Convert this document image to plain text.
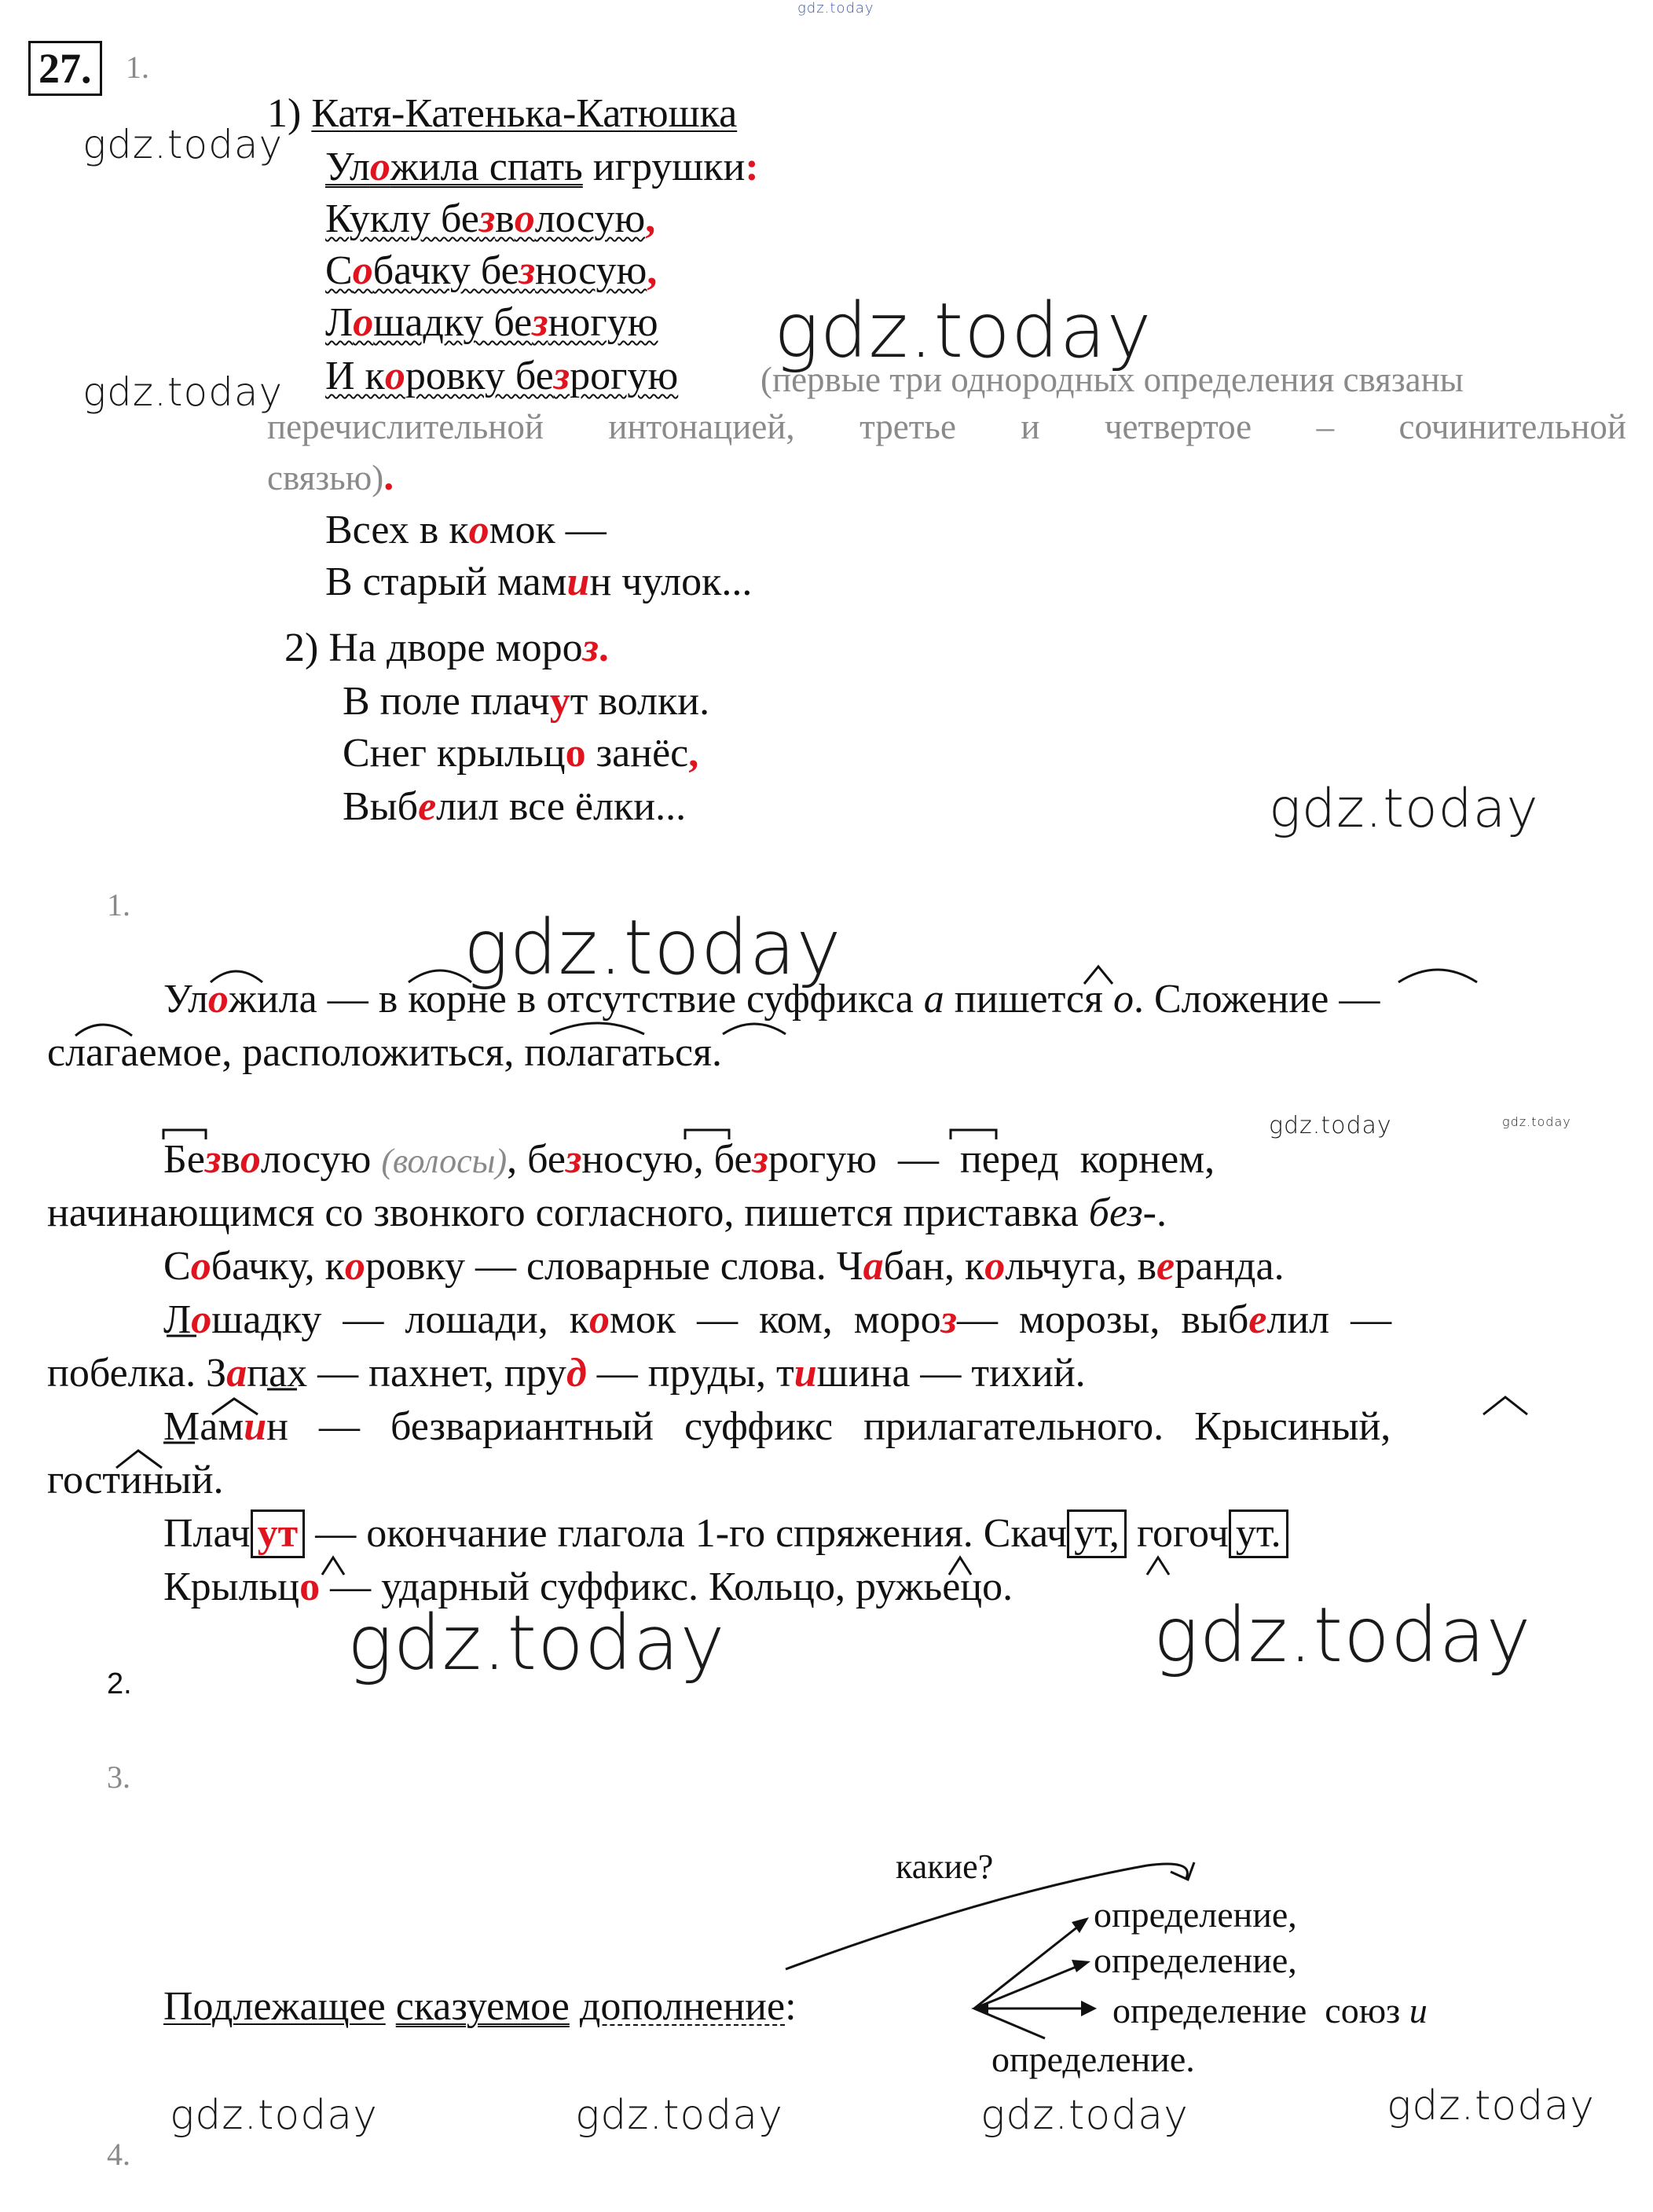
gdz.today
27.	1.
gdz.today
gdz.today
gdz.today
gdz.today
gdz.today
gdz.today	gdz.today
gdz.today	gdz.today
gdz.today	gdz.today	gdz.today	gdz.today
1) Катя-Катенька-Катюшка
Уложила спать игрушки:
Куклу безволосую,
Собачку безносую,
Лошадку безногую
И коровку безрогую (первые три однородных определения связаны
перечислительной интонацией, третье и четвертое – сочинительной
связью).
Всех в комок —
В старый мамин чулок...
2) На дворе мороз.
В поле плачут волки.
Снег крыльцо занёс,
Выбелил все ёлки...
1.
Уложила — в корне в отсутствие суффикса а пишется о. Сложение —
слагаемое, расположиться, полагаться.
Безволосую (волосы), безносую, безрогую — перед корнем,
начинающимся со звонкого согласного, пишется приставка без-.
Собачку, коровку — словарные слова. Чабан, кольчуга, веранда.
Лошадку — лошади, комок — ком, мороз— морозы, выбелил —
побелка. Запах — пахнет, пруд — пруды, тишина — тихий.
Мамин — безвариантный суффикс прилагательного. Крысиный,
гостиный.
Плач ут — окончание глагола 1-го спряжения. Скач ут, гогоч ут.
Крыльцо — ударный суффикс. Кольцо, ружьецо.
2.
3.
4.
какие?
Подлежащее сказуемое дополнение:
определение,
определение,
определение  союз и
определение.
